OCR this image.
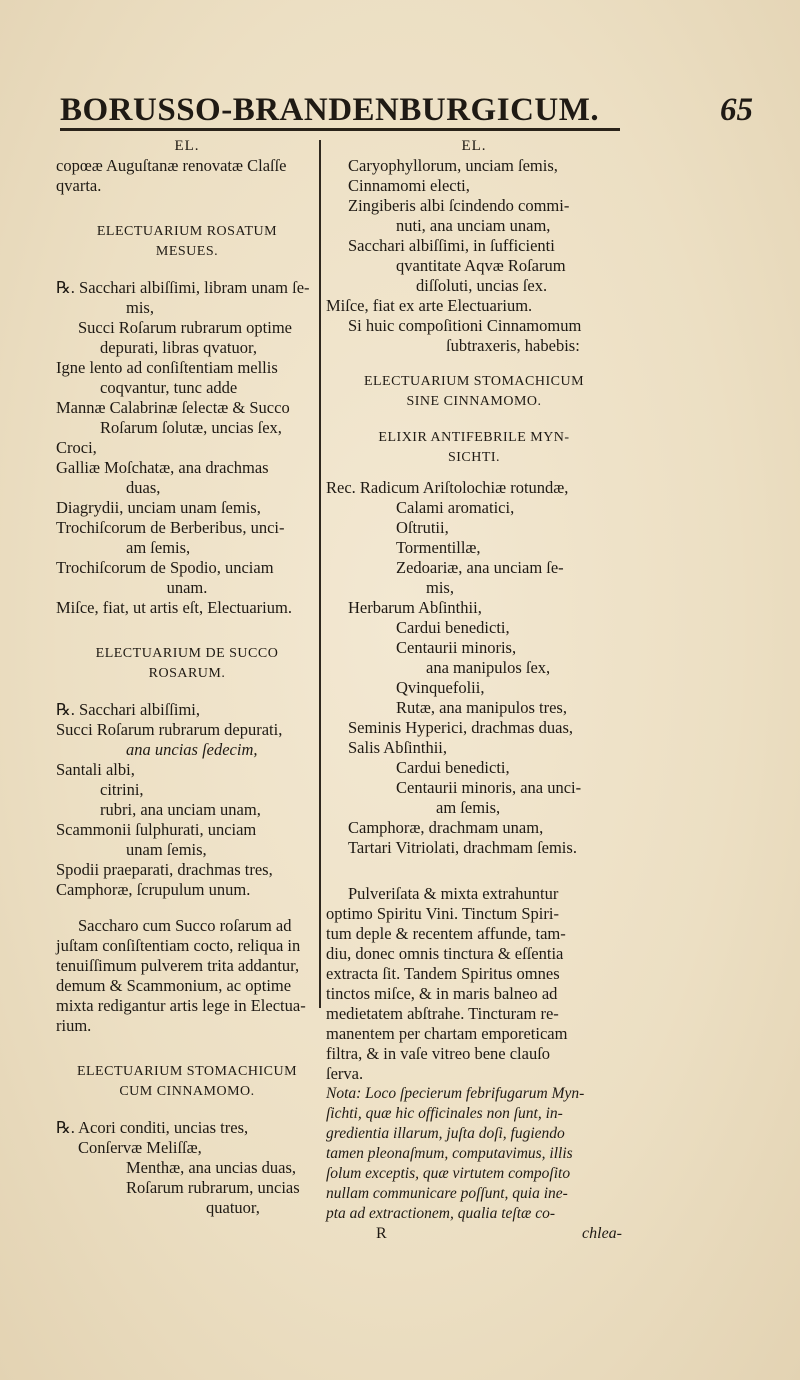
BORUSSO-BRANDENBURGICUM.	65
EL.
copœæ Auguſtanæ renovatæ Claſſe
qvarta.
ELECTUARIUM ROSATUM
MESUES.
℞. Sacchari albiſſimi, libram unam ſe-
mis,
Succi Roſarum rubrarum optime
depurati, libras qvatuor,
Igne lento ad conſiſtentiam mellis
coqvantur, tunc adde
Mannæ Calabrinæ ſelectæ & Succo
Roſarum ſolutæ, uncias ſex,
Croci,
Galliæ Moſchatæ, ana drachmas
duas,
Diagrydii, unciam unam ſemis,
Trochiſcorum de Berberibus, unci-
am ſemis,
Trochiſcorum de Spodio, unciam
unam.
Miſce, fiat, ut artis eſt, Electuarium.
ELECTUARIUM DE SUCCO
ROSARUM.
℞. Sacchari albiſſimi,
Succi Roſarum rubrarum depurati,
ana uncias ſedecim,
Santali albi,
citrini,
rubri, ana unciam unam,
Scammonii ſulphurati, unciam
unam ſemis,
Spodii praeparati, drachmas tres,
Camphoræ, ſcrupulum unum.
Saccharo cum Succo roſarum ad
juſtam conſiſtentiam cocto, reliqua in
tenuiſſimum pulverem trita addantur,
demum & Scammonium, ac optime
mixta redigantur artis lege in Electua-
rium.
ELECTUARIUM STOMACHICUM
CUM CINNAMOMO.
℞. Acori conditi, uncias tres,
Conſervæ Meliſſæ,
Menthæ, ana uncias duas,
Roſarum rubrarum, uncias
quatuor,
EL.
Caryophyllorum, unciam ſemis,
Cinnamomi electi,
Zingiberis albi ſcindendo commi-
nuti, ana unciam unam,
Sacchari albiſſimi, in ſufficienti
qvantitate Aqvæ Roſarum
diſſoluti, uncias ſex.
Miſce, fiat ex arte Electuarium.
Si huic compoſitioni Cinnamomum
ſubtraxeris, habebis:
ELECTUARIUM STOMACHICUM
SINE CINNAMOMO.
ELIXIR ANTIFEBRILE MYN-
SICHTI.
Rec. Radicum Ariſtolochiæ rotundæ,
Calami aromatici,
Oſtrutii,
Tormentillæ,
Zedoariæ, ana unciam ſe-
mis,
Herbarum Abſinthii,
Cardui benedicti,
Centaurii minoris,
ana manipulos ſex,
Qvinquefolii,
Rutæ, ana manipulos tres,
Seminis Hyperici, drachmas duas,
Salis Abſinthii,
Cardui benedicti,
Centaurii minoris, ana unci-
am ſemis,
Camphoræ, drachmam unam,
Tartari Vitriolati, drachmam ſemis.
Pulveriſata & mixta extrahuntur
optimo Spiritu Vini. Tinctum Spiri-
tum deple & recentem affunde, tam-
diu, donec omnis tinctura & eſſentia
extracta ſit. Tandem Spiritus omnes
tinctos miſce, & in maris balneo ad
medietatem abſtrahe. Tincturam re-
manentem per chartam emporeticam
filtra, & in vaſe vitreo bene clauſo
ſerva.
Nota: Loco ſpecierum febrifugarum Myn-
ſichti, quæ hic officinales non ſunt, in-
gredientia illarum, juſta doſi, fugiendo
tamen pleonaſmum, computavimus, illis
ſolum exceptis, quæ virtutem compoſito
nullam communicare poſſunt, quia ine-
pta ad extractionem, qualia teſtæ co-
R	chlea-
